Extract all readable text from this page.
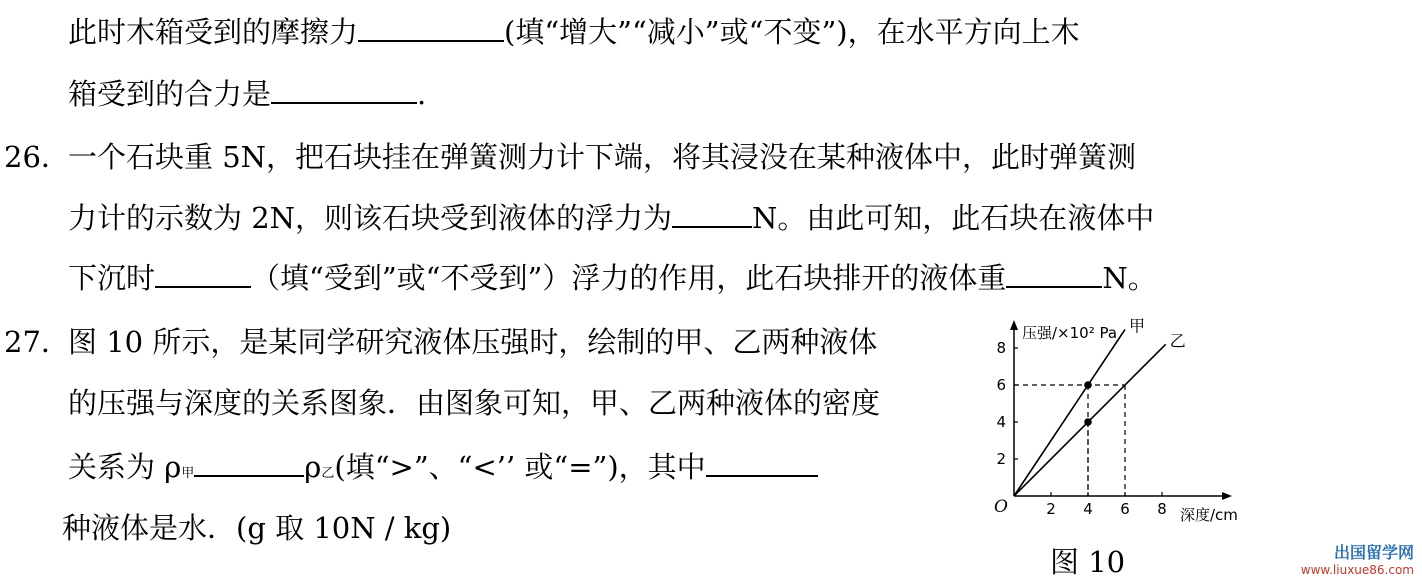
此时木箱受到的摩擦力	(填“增大”“减小”或“不变”)，在水平方向上木
箱受到的合力是	.
26．
一个石块重 5N，把石块挂在弹簧测力计下端，将其浸没在某种液体中，此时弹簧测
力计的示数为 2N，则该石块受到液体的浮力为	N。由此可知，此石块在液体中
下沉时	（填“受到”或“不受到”）浮力的作用，此石块排开的液体重	N。
27．
图 10 所示，是某同学研究液体压强时，绘制的甲、乙两种液体
的压强与深度的关系图象．由图象可知，甲、乙两种液体的密度
关系为 ρ甲	ρ乙(填“>”、“<’’ 或“=”)，其中
种液体是水．(g 取 10N / kg)
压强/×10² Pa
深度/cm
O	2 4 6 8
2
4
6
8
甲
乙
图 10	出国留学网
www.liuxue86.com
